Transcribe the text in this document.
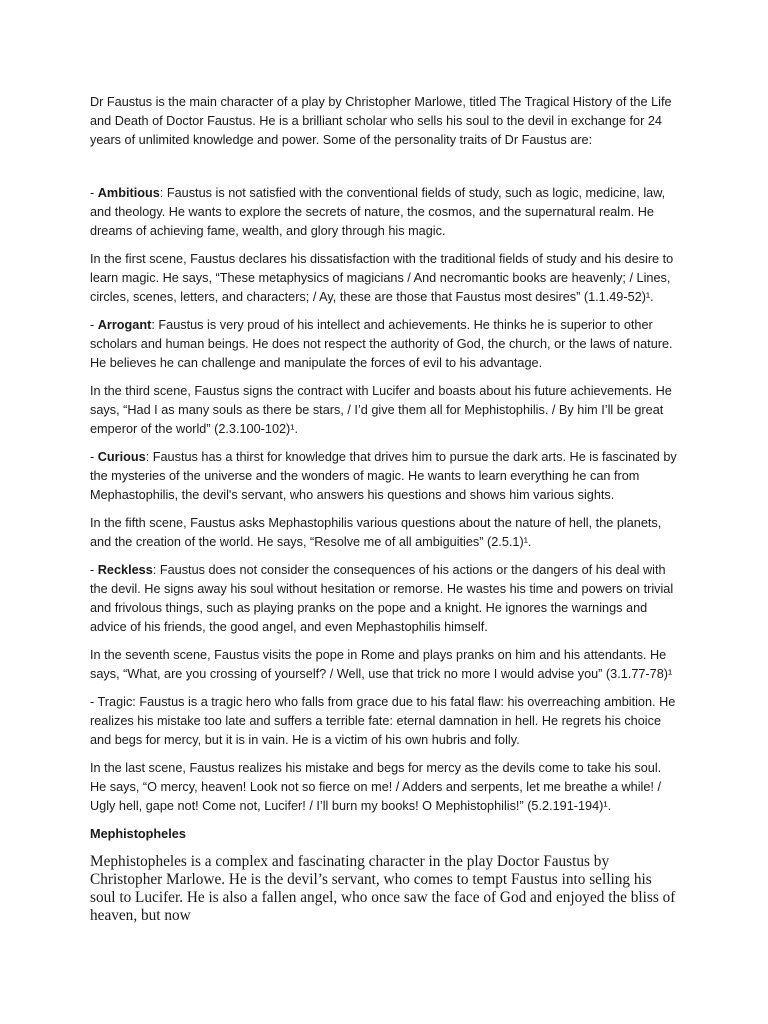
Dr Faustus is the main character of a play by Christopher Marlowe, titled The Tragical History of the Life and Death of Doctor Faustus. He is a brilliant scholar who sells his soul to the devil in exchange for 24 years of unlimited knowledge and power. Some of the personality traits of Dr Faustus are:

- Ambitious: Faustus is not satisfied with the conventional fields of study, such as logic, medicine, law, and theology. He wants to explore the secrets of nature, the cosmos, and the supernatural realm. He dreams of achieving fame, wealth, and glory through his magic.

In the first scene, Faustus declares his dissatisfaction with the traditional fields of study and his desire to learn magic. He says, “These metaphysics of magicians / And necromantic books are heavenly; / Lines, circles, scenes, letters, and characters; / Ay, these are those that Faustus most desires” (1.1.49-52)¹.

- Arrogant: Faustus is very proud of his intellect and achievements. He thinks he is superior to other scholars and human beings. He does not respect the authority of God, the church, or the laws of nature. He believes he can challenge and manipulate the forces of evil to his advantage.

In the third scene, Faustus signs the contract with Lucifer and boasts about his future achievements. He says, “Had I as many souls as there be stars, / I’d give them all for Mephistophilis. / By him I’ll be great emperor of the world” (2.3.100-102)¹.

- Curious: Faustus has a thirst for knowledge that drives him to pursue the dark arts. He is fascinated by the mysteries of the universe and the wonders of magic. He wants to learn everything he can from Mephastophilis, the devil's servant, who answers his questions and shows him various sights.

In the fifth scene, Faustus asks Mephastophilis various questions about the nature of hell, the planets, and the creation of the world. He says, “Resolve me of all ambiguities” (2.5.1)¹.

- Reckless: Faustus does not consider the consequences of his actions or the dangers of his deal with the devil. He signs away his soul without hesitation or remorse. He wastes his time and powers on trivial and frivolous things, such as playing pranks on the pope and a knight. He ignores the warnings and advice of his friends, the good angel, and even Mephastophilis himself.

In the seventh scene, Faustus visits the pope in Rome and plays pranks on him and his attendants. He says, “What, are you crossing of yourself? / Well, use that trick no more I would advise you” (3.1.77-78)¹

- Tragic: Faustus is a tragic hero who falls from grace due to his fatal flaw: his overreaching ambition. He realizes his mistake too late and suffers a terrible fate: eternal damnation in hell. He regrets his choice and begs for mercy, but it is in vain. He is a victim of his own hubris and folly.

In the last scene, Faustus realizes his mistake and begs for mercy as the devils come to take his soul. He says, “O mercy, heaven! Look not so fierce on me! / Adders and serpents, let me breathe a while! / Ugly hell, gape not! Come not, Lucifer! / I’ll burn my books! O Mephistophilis!” (5.2.191-194)¹.

Mephistopheles

Mephistopheles is a complex and fascinating character in the play Doctor Faustus by Christopher Marlowe. He is the devil’s servant, who comes to tempt Faustus into selling his soul to Lucifer. He is also a fallen angel, who once saw the face of God and enjoyed the bliss of heaven, but now
